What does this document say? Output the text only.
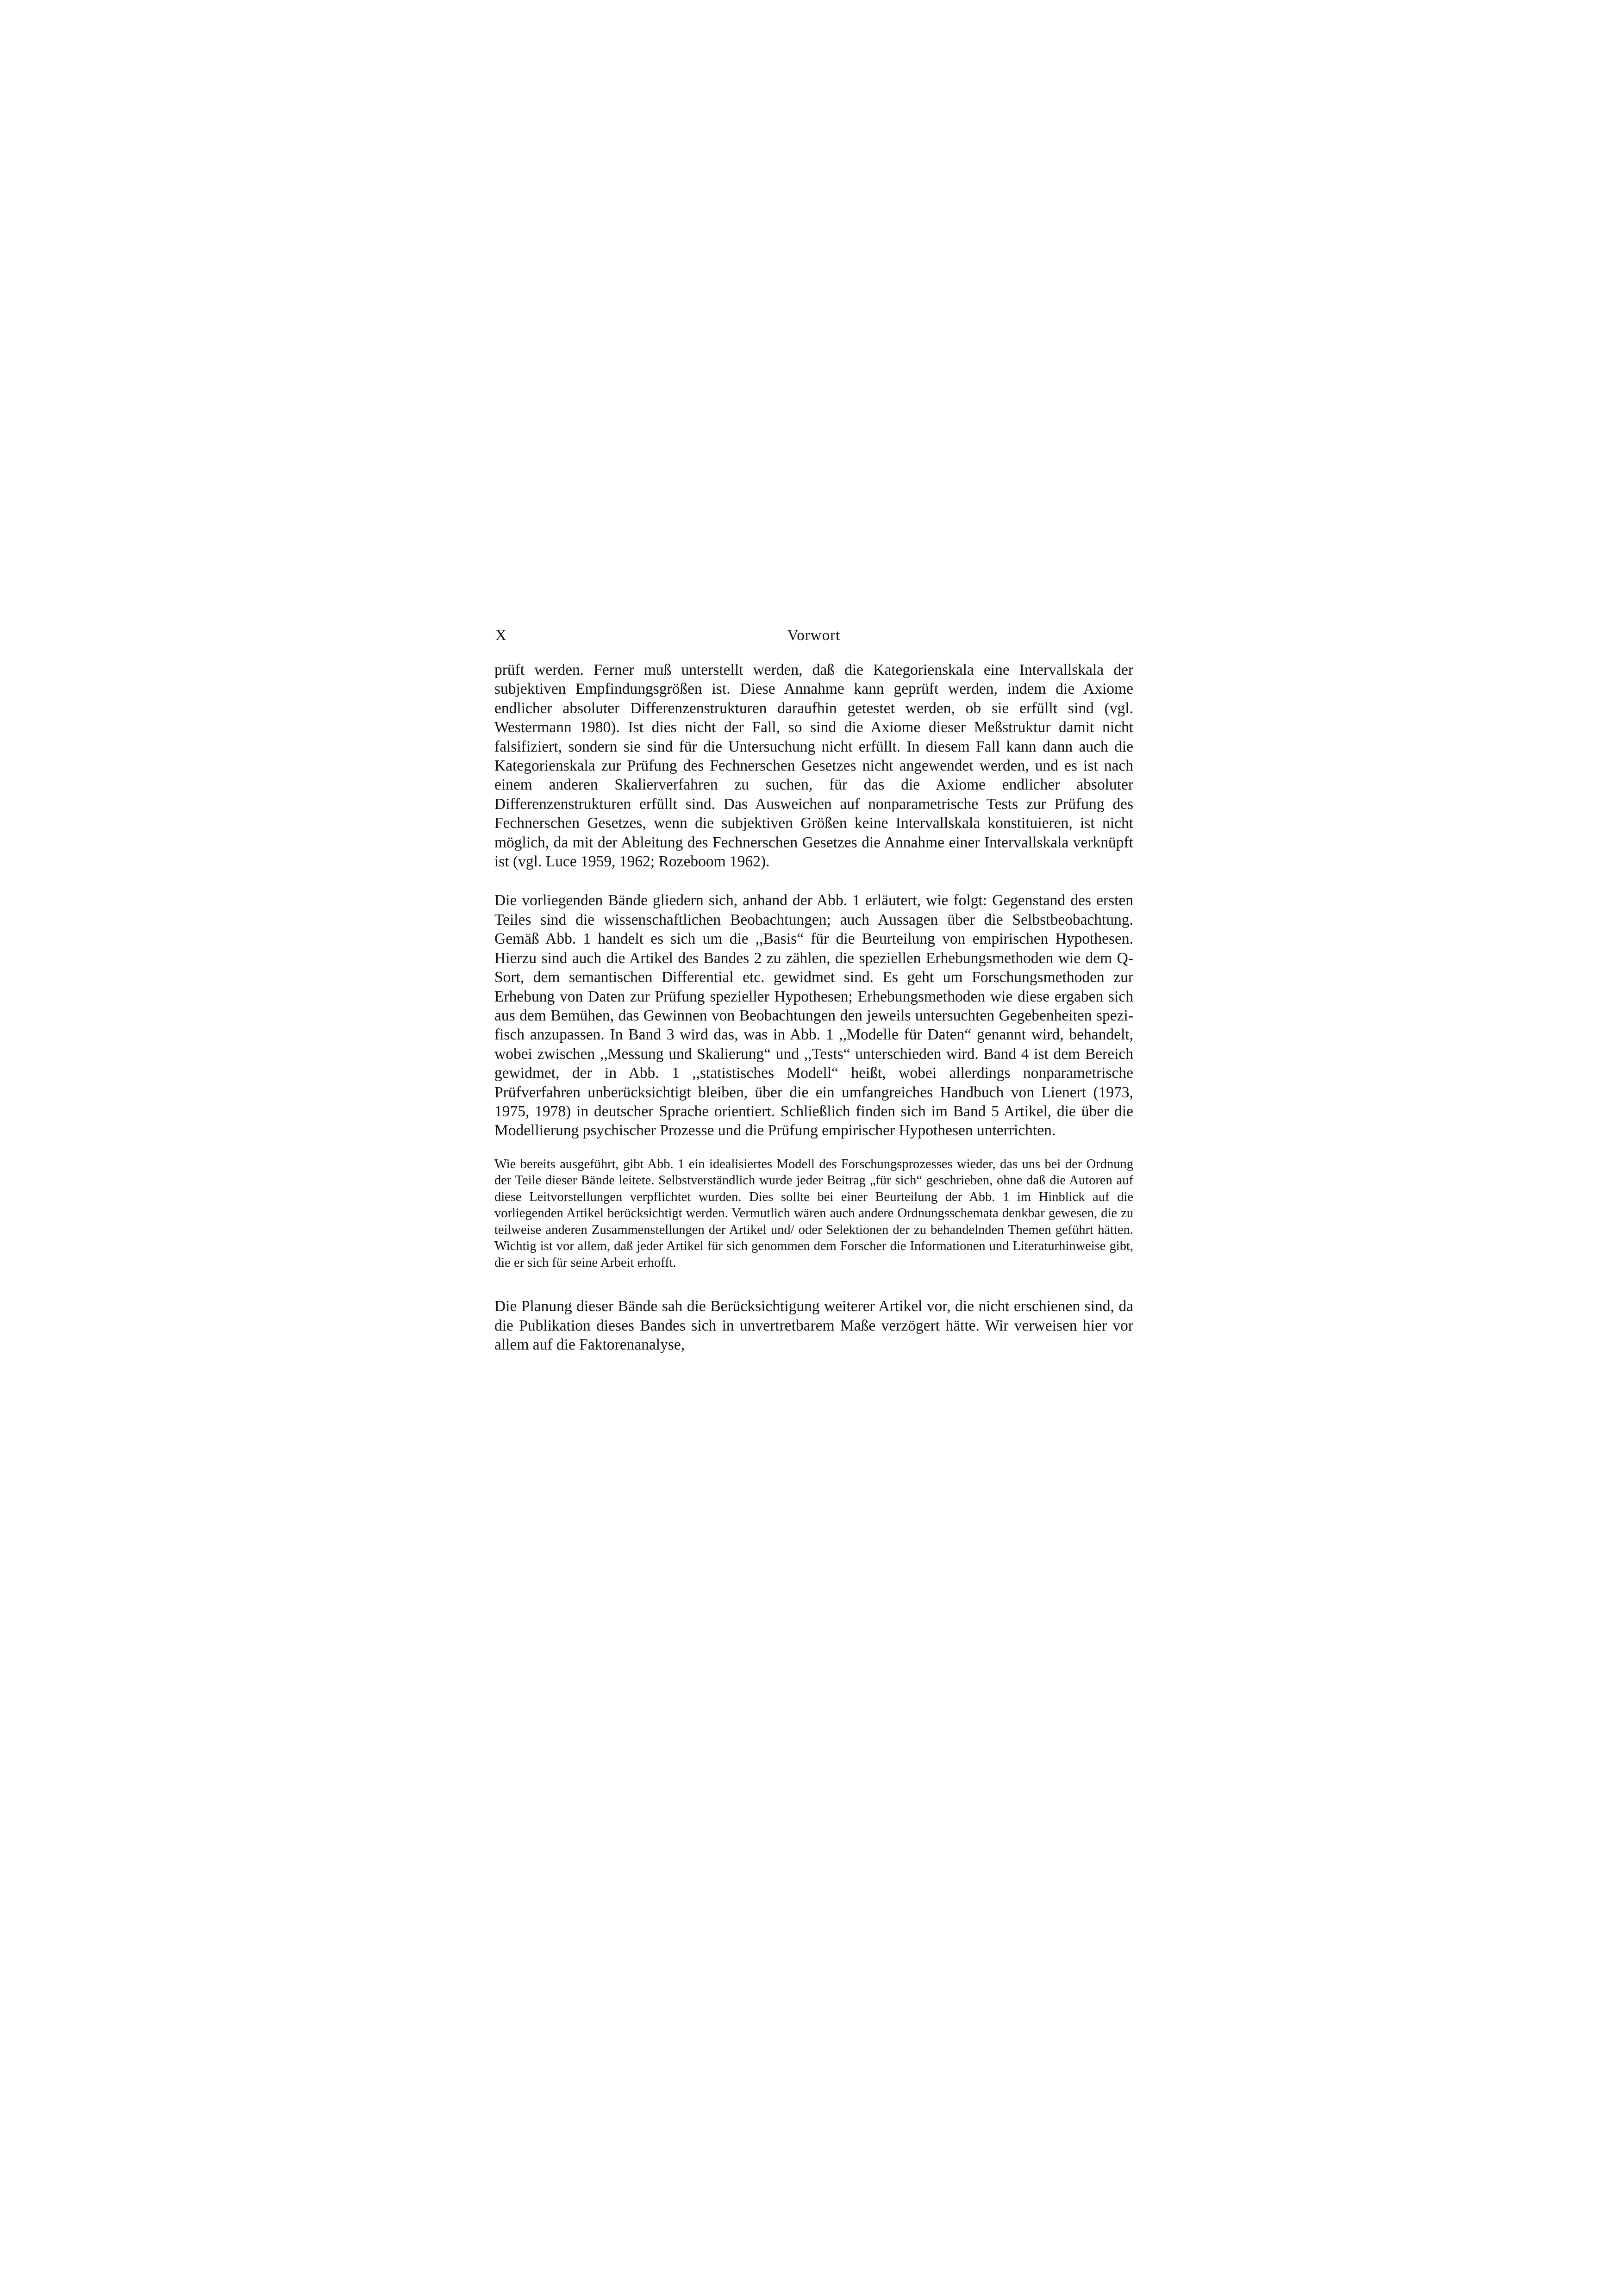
X	Vorwort

prüft werden. Ferner muß unterstellt werden, daß die Kategorienskala eine Intervallskala der subjektiven Empfindungsgrößen ist. Diese Annahme kann geprüft werden, indem die Axiome endlicher absoluter Differenzenstrukturen daraufhin getestet werden, ob sie erfüllt sind (vgl. Westermann 1980). Ist dies nicht der Fall, so sind die Axiome dieser Meßstruktur damit nicht falsifiziert, sondern sie sind für die Untersuchung nicht erfüllt. In diesem Fall kann dann auch die Kategorienskala zur Prüfung des Fechnerschen Gesetzes nicht angewendet werden, und es ist nach einem anderen Skalierverfahren zu suchen, für das die Axiome endlicher absoluter Differenzenstrukturen erfüllt sind. Das Ausweichen auf nonparametrische Tests zur Prüfung des Fechnerschen Gesetzes, wenn die subjektiven Größen keine Intervallskala konstituieren, ist nicht möglich, da mit der Ableitung des Fechnerschen Gesetzes die Annahme einer Intervallskala verknüpft ist (vgl. Luce 1959, 1962; Rozeboom 1962).

Die vorliegenden Bände gliedern sich, anhand der Abb. 1 erläutert, wie folgt: Gegenstand des ersten Teiles sind die wissenschaftlichen Beobachtungen; auch Aussagen über die Selbstbeobachtung. Gemäß Abb. 1 handelt es sich um die ,,Basis“ für die Beurteilung von empirischen Hypothesen. Hierzu sind auch die Artikel des Bandes 2 zu zählen, die speziellen Erhebungsmethoden wie dem Q-Sort, dem semantischen Differential etc. gewidmet sind. Es geht um Forschungsmethoden zur Erhebung von Daten zur Prüfung spezieller Hypothesen; Erhebungsmethoden wie diese ergaben sich aus dem Bemühen, das Gewinnen von Beobachtungen den jeweils untersuchten Gegebenheiten spezifisch anzupassen. In Band 3 wird das, was in Abb. 1 ,,Modelle für Daten“ genannt wird, behandelt, wobei zwischen ,,Messung und Skalierung“ und ,,Tests“ unterschieden wird. Band 4 ist dem Bereich gewidmet, der in Abb. 1 ,,statistisches Modell“ heißt, wobei allerdings nonparametrische Prüfverfahren unberücksichtigt bleiben, über die ein umfangreiches Handbuch von Lienert (1973, 1975, 1978) in deutscher Sprache orientiert. Schließlich finden sich im Band 5 Artikel, die über die Modellierung psychischer Prozesse und die Prüfung empirischer Hypothesen unterrichten.

Wie bereits ausgeführt, gibt Abb. 1 ein idealisiertes Modell des Forschungsprozesses wieder, das uns bei der Ordnung der Teile dieser Bände leitete. Selbstverständlich wurde jeder Beitrag „für sich“ geschrieben, ohne daß die Autoren auf diese Leitvorstellungen verpflichtet wurden. Dies sollte bei einer Beurteilung der Abb. 1 im Hinblick auf die vorliegenden Artikel berücksichtigt werden. Vermutlich wären auch andere Ordnungsschemata denkbar gewesen, die zu teilweise anderen Zusammenstellungen der Artikel und/ oder Selektionen der zu behandelnden Themen geführt hätten. Wichtig ist vor allem, daß jeder Artikel für sich genommen dem Forscher die Informationen und Literaturhinweise gibt, die er sich für seine Arbeit erhofft.

Die Planung dieser Bände sah die Berücksichtigung weiterer Artikel vor, die nicht erschienen sind, da die Publikation dieses Bandes sich in unvertretbarem Maße verzögert hätte. Wir verweisen hier vor allem auf die Faktorenanalyse,
